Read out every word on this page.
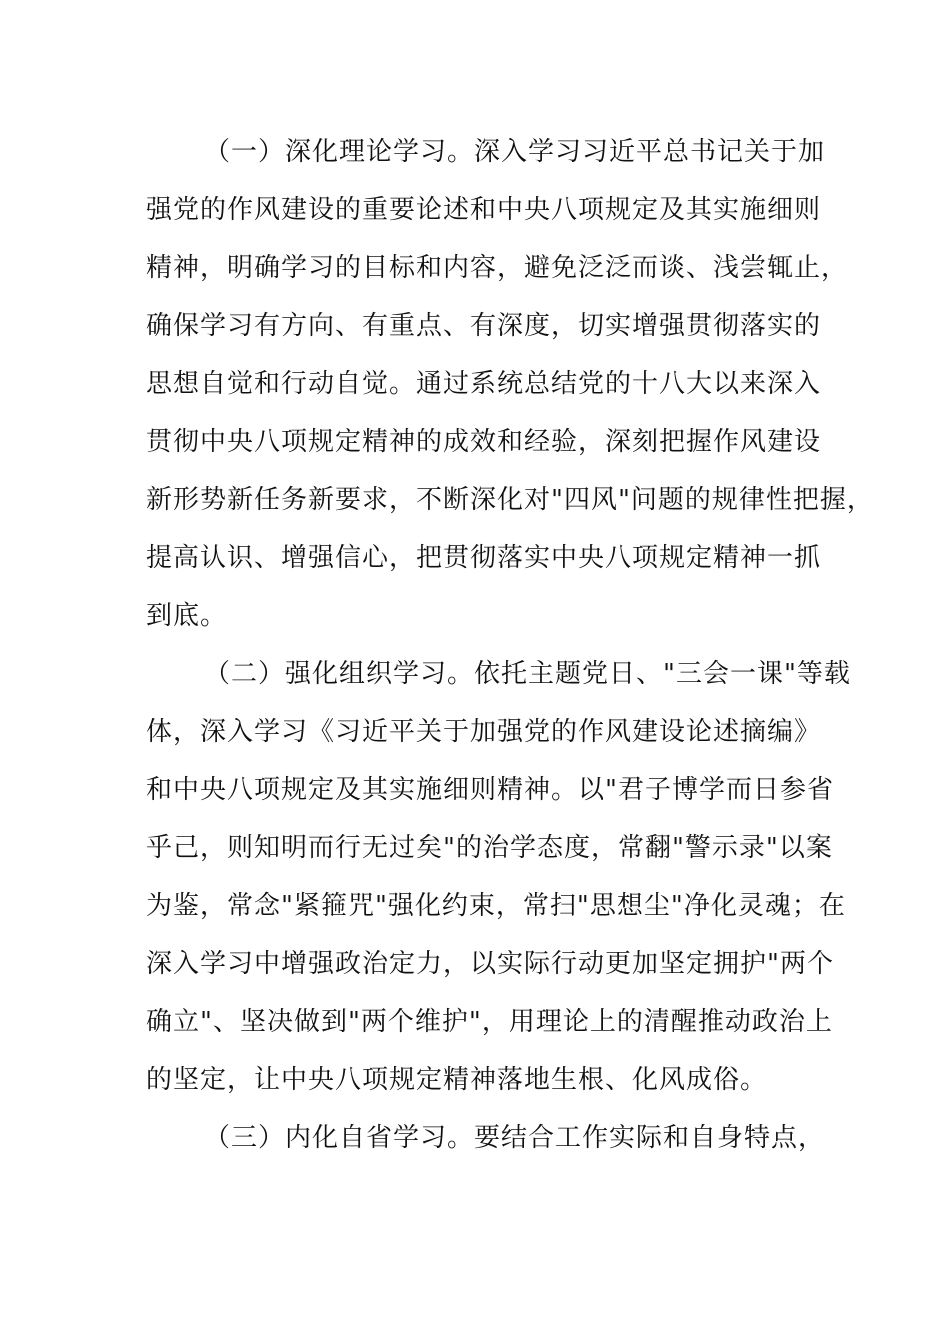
（一）深化理论学习。深入学习习近平总书记关于加
强党的作风建设的重要论述和中央八项规定及其实施细则
精神，明确学习的目标和内容，避免泛泛而谈、浅尝辄止，
确保学习有方向、有重点、有深度，切实增强贯彻落实的
思想自觉和行动自觉。通过系统总结党的十八大以来深入
贯彻中央八项规定精神的成效和经验，深刻把握作风建设
新形势新任务新要求，不断深化对"四风"问题的规律性把握，
提高认识、增强信心，把贯彻落实中央八项规定精神一抓
到底。
（二）强化组织学习。依托主题党日、"三会一课"等载
体，深入学习《习近平关于加强党的作风建设论述摘编》
和中央八项规定及其实施细则精神。以"君子博学而日参省
乎己，则知明而行无过矣"的治学态度，常翻"警示录"以案
为鉴，常念"紧箍咒"强化约束，常扫"思想尘"净化灵魂；在
深入学习中增强政治定力，以实际行动更加坚定拥护"两个
确立"、坚决做到"两个维护"，用理论上的清醒推动政治上
的坚定，让中央八项规定精神落地生根、化风成俗。
（三）内化自省学习。要结合工作实际和自身特点，
